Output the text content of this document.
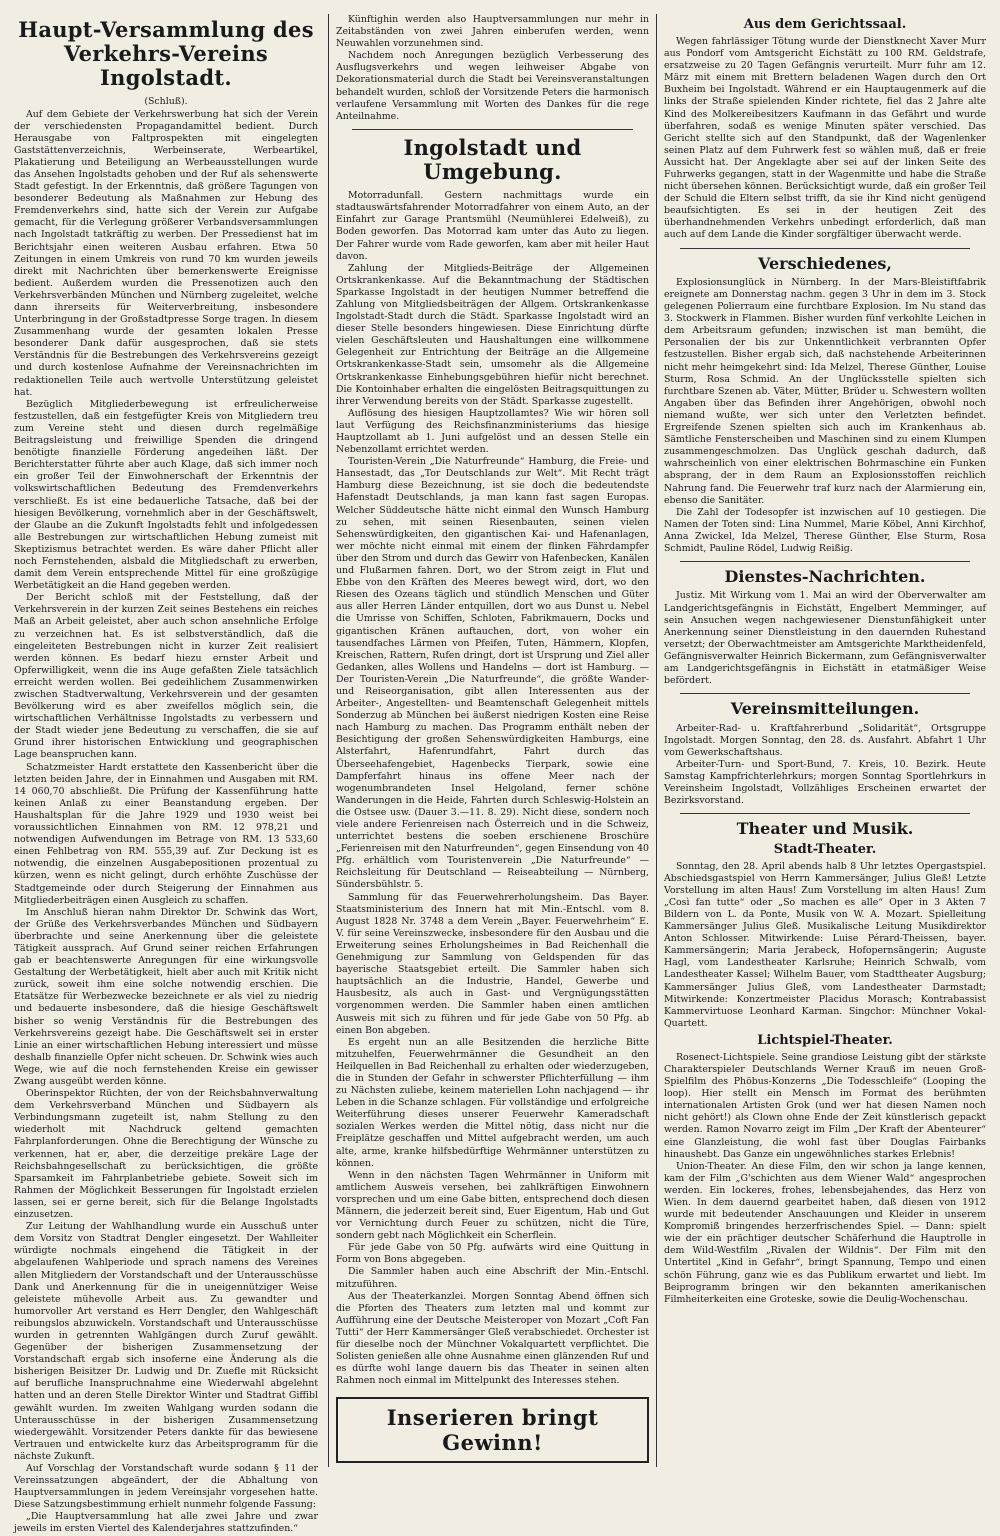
Haupt-Versammlung des Verkehrs-Vereins Ingolstadt.

(Schluß).

Auf dem Gebiete der Verkehrswerbung hat sich der Verein der verschiedensten Propagandamittel bedient. Durch Herausgabe von Faltprospekten mit eingelegten Gaststättenverzeichnis, Werbeinserate, Werbeartikel, Plakatierung und Beteiligung an Werbeausstellungen wurde das Ansehen Ingolstadts gehoben und der Ruf als sehenswerte Stadt gefestigt. In der Erkenntnis, daß größere Tagungen von besonderer Bedeutung als Maßnahmen zur Hebung des Fremdenverkehrs sind, hatte sich der Verein zur Aufgabe gemacht, für die Verlegung größerer Verbandsversammlungen nach Ingolstadt tatkräftig zu werben. Der Pressedienst hat im Berichtsjahr einen weiteren Ausbau erfahren. Etwa 50 Zeitungen in einem Umkreis von rund 70 km wurden jeweils direkt mit Nachrichten über bemerkenswerte Ereignisse bedient. Außerdem wurden die Pressenotizen auch den Verkehrsverbänden München und Nürnberg zugeleitet, welche dann ihrerseits für Weiterverbreitung, insbesondere Unterbringung in der Großstadtpresse Sorge tragen. In diesem Zusammenhang wurde der gesamten lokalen Presse besonderer Dank dafür ausgesprochen, daß sie stets Verständnis für die Bestrebungen des Verkehrsvereins gezeigt und durch kostenlose Aufnahme der Vereinsnachrichten im redaktionellen Teile auch wertvolle Unterstützung geleistet hat.

Bezüglich Mitgliederbewegung ist erfreulicherweise festzustellen, daß ein festgefügter Kreis von Mitgliedern treu zum Vereine steht und diesen durch regelmäßige Beitragsleistung und freiwillige Spenden die dringend benötigte finanzielle Förderung angedeihen läßt. Der Berichterstatter führte aber auch Klage, daß sich immer noch ein großer Teil der Einwohnerschaft der Erkenntnis der volkswirtschaftlichen Bedeutung des Fremdenverkehrs verschließt. Es ist eine bedauerliche Tatsache, daß bei der hiesigen Bevölkerung, vornehmlich aber in der Geschäftswelt, der Glaube an die Zukunft Ingolstadts fehlt und infolgedessen alle Bestrebungen zur wirtschaftlichen Hebung zumeist mit Skeptizismus betrachtet werden. Es wäre daher Pflicht aller noch Fernstehenden, alsbald die Mitgliedschaft zu erwerben, damit dem Verein entsprechende Mittel für eine großzügige Werbetätigkeit an die Hand gegeben werden.

Der Bericht schloß mit der Feststellung, daß der Verkehrsverein in der kurzen Zeit seines Bestehens ein reiches Maß an Arbeit geleistet, aber auch schon ansehnliche Erfolge zu verzeichnen hat. Es ist selbstverständlich, daß die eingeleiteten Bestrebungen nicht in kurzer Zeit realisiert werden können. Es bedarf hiezu ernster Arbeit und Opferwilligkeit, wenn die ins Auge gefaßten Ziele tatsächlich erreicht werden wollen. Bei gedeihlichem Zusammenwirken zwischen Stadtverwaltung, Verkehrsverein und der gesamten Bevölkerung wird es aber zweifellos möglich sein, die wirtschaftlichen Verhältnisse Ingolstadts zu verbessern und der Stadt wieder jene Bedeutung zu verschaffen, die sie auf Grund ihrer historischen Entwicklung und geographischen Lage beanspruchen kann.

Schatzmeister Hardt erstattete den Kassenbericht über die letzten beiden Jahre, der in Einnahmen und Ausgaben mit RM. 14 060,70 abschließt. Die Prüfung der Kassenführung hatte keinen Anlaß zu einer Beanstandung ergeben. Der Haushaltsplan für die Jahre 1929 und 1930 weist bei voraussichtlichen Einnahmen von RM. 12 978,21 und notwendigen Aufwendungen im Betrage von RM. 13 533,60 einen Fehlbetrag von RM. 555,39 auf. Zur Deckung ist es notwendig, die einzelnen Ausgabepositionen prozentual zu kürzen, wenn es nicht gelingt, durch erhöhte Zuschüsse der Stadtgemeinde oder durch Steigerung der Einnahmen aus Mitgliederbeiträgen einen Ausgleich zu schaffen.

Im Anschluß hieran nahm Direktor Dr. Schwink das Wort, der Grüße des Verkehrsverbandes München und Südbayern überbrachte und seine Anerkennung über die geleistete Tätigkeit aussprach. Auf Grund seiner reichen Erfahrungen gab er beachtenswerte Anregungen für eine wirkungsvolle Gestaltung der Werbetätigkeit, hielt aber auch mit Kritik nicht zurück, soweit ihm eine solche notwendig erschien. Die Etatsätze für Werbezwecke bezeichnete er als viel zu niedrig und bedauerte insbesondere, daß die hiesige Geschäftswelt bisher so wenig Verständnis für die Bestrebungen des Verkehrsvereins gezeigt habe. Die Geschäftswelt sei in erster Linie an einer wirtschaftlichen Hebung interessiert und müsse deshalb finanzielle Opfer nicht scheuen. Dr. Schwink wies auch Wege, wie auf die noch fernstehenden Kreise ein gewisser Zwang ausgeübt werden könne.

Oberinspektor Rüchten, der von der Reichsbahnverwaltung dem Verkehrsverband München und Südbayern als Verbindungsmann zugeteilt ist, nahm Stellung zu den wiederholt mit Nachdruck geltend gemachten Fahrplanforderungen. Ohne die Berechtigung der Wünsche zu verkennen, hat er, aber, die derzeitige prekäre Lage der Reichsbahngesellschaft zu berücksichtigen, die größte Sparsamkeit im Fahrplanbetriebe gebiete. Soweit sich im Rahmen der Möglichkeit Besserungen für Ingolstadt erzielen lassen, sei er gerne bereit, sich für die Belange Ingolstadts einzusetzen.

Zur Leitung der Wahlhandlung wurde ein Ausschuß unter dem Vorsitz von Stadtrat Dengler eingesetzt. Der Wahlleiter würdigte nochmals eingehend die Tätigkeit in der abgelaufenen Wahlperiode und sprach namens des Vereines allen Mitgliedern der Vorstandschaft und der Unterausschüsse Dank und Anerkennung für die in uneigennütziger Weise geleistete mühevolle Arbeit aus. Zu gewandter und humorvoller Art verstand es Herr Dengler, den Wahlgeschäft reibungslos abzuwickeln. Vorstandschaft und Unterausschüsse wurden in getrennten Wahlgängen durch Zuruf gewählt. Gegenüber der bisherigen Zusammensetzung der Vorstandschaft ergab sich insoferne eine Änderung als die bisherigen Beisitzer Dr. Ludwig und Dr. Zuefle mit Rücksicht auf berufliche Inanspruchnahme eine Wiederwahl abgelehnt hatten und an deren Stelle Direktor Winter und Stadtrat Giffibl gewählt wurden. Im zweiten Wahlgang wurden sodann die Unterausschüsse in der bisherigen Zusammensetzung wiedergewählt. Vorsitzender Peters dankte für das bewiesene Vertrauen und entwickelte kurz das Arbeitsprogramm für die nächste Zukunft.

Auf Vorschlag der Vorstandschaft wurde sodann § 11 der Vereinssatzungen abgeändert, der die Abhaltung von Hauptversammlungen in jedem Vereinsjahr vorgesehen hatte. Diese Satzungsbestimmung erhielt nunmehr folgende Fassung:

„Die Hauptversammlung hat alle zwei Jahre und zwar jeweils im ersten Viertel des Kalenderjahres stattzufinden.“

Künftighin werden also Hauptversammlungen nur mehr in Zeitabständen von zwei Jahren einberufen werden, wenn Neuwahlen vorzunehmen sind.

Nachdem noch Anregungen bezüglich Verbesserung des Ausflugsverkehrs und wegen leihweiser Abgabe von Dekorationsmaterial durch die Stadt bei Vereinsveranstaltungen behandelt wurden, schloß der Vorsitzende Peters die harmonisch verlaufene Versammlung mit Worten des Dankes für die rege Anteilnahme.

Ingolstadt und Umgebung.

Motorradunfall. Gestern nachmittags wurde ein stadtauswärtsfahrender Motorradfahrer von einem Auto, an der Einfahrt zur Garage Prantsmühl (Neumühlerei Edelweiß), zu Boden geworfen. Das Motorrad kam unter das Auto zu liegen. Der Fahrer wurde vom Rade geworfen, kam aber mit heiler Haut davon.

Zahlung der Mitglieds-Beiträge der Allgemeinen Ortskrankenkasse. Auf die Bekanntmachung der Städtischen Sparkasse Ingolstadt in der heutigen Nummer betreffend die Zahlung von Mitgliedsbeiträgen der Allgem. Ortskrankenkasse Ingolstadt-Stadt durch die Städt. Sparkasse Ingolstadt wird an dieser Stelle besonders hingewiesen. Diese Einrichtung dürfte vielen Geschäftsleuten und Haushaltungen eine willkommene Gelegenheit zur Entrichtung der Beiträge an die Allgemeine Ortskrankenkasse-Stadt sein, umsomehr als die Allgemeine Ortskrankenkasse Einhebungsgebühren hiefür nicht berechnet. Die Kontoinhaber erhalten die eingelösten Beitragsquittungen zu ihrer Verwendung bereits von der Städt. Sparkasse zugestellt.

Auflösung des hiesigen Hauptzollamtes? Wie wir hören soll laut Verfügung des Reichsfinanzministeriums das hiesige Hauptzollamt ab 1. Juni aufgelöst und an dessen Stelle ein Nebenzollamt errichtet werden.

Touristen-Verein „Die Naturfreunde“ Hamburg, die Freie- und Hansestadt, das „Tor Deutschlands zur Welt“. Mit Recht trägt Hamburg diese Bezeichnung, ist sie doch die bedeutendste Hafenstadt Deutschlands, ja man kann fast sagen Europas. Welcher Süddeutsche hätte nicht einmal den Wunsch Hamburg zu sehen, mit seinen Riesenbauten, seinen vielen Sehenswürdigkeiten, den gigantischen Kai- und Hafenanlagen, wer möchte nicht einmal mit einem der flinken Fährdampfer über den Strom und durch das Gewirr von Hafenbecken, Kanälen und Flußarmen fahren. Dort, wo der Strom zeigt in Flut und Ebbe von den Kräften des Meeres bewegt wird, dort, wo den Riesen des Ozeans täglich und stündlich Menschen und Güter aus aller Herren Länder entquillen, dort wo aus Dunst u. Nebel die Umrisse von Schiffen, Schloten, Fabrikmauern, Docks und gigantischen Kränen auftauchen, dort, von woher ein tausendfaches Lärmen von Pfeifen, Tuten, Hämmern, Klopfen, Kreischen, Rattern, Rufen dringt, dort ist Ursprung und Ziel aller Gedanken, alles Wollens und Handelns — dort ist Hamburg. — Der Touristen-Verein „Die Naturfreunde“, die größte Wander- und Reiseorganisation, gibt allen Interessenten aus der Arbeiter-, Angestellten- und Beamtenschaft Gelegenheit mittels Sonderzug ab München bei äußerst niedrigen Kosten eine Reise nach Hamburg zu machen. Das Programm enthält neben der Besichtigung der großen Sehenswürdigkeiten Hamburgs, eine Alsterfahrt, Hafenrundfahrt, Fahrt durch das Überseehafengebiet, Hagenbecks Tierpark, sowie eine Dampferfahrt hinaus ins offene Meer nach der wogenumbrandeten Insel Helgoland, ferner schöne Wanderungen in die Heide, Fahrten durch Schleswig-Holstein an die Ostsee usw. (Dauer 3.—11. 8. 29). Nicht diese, sondern noch viele andere Ferienreisen nach Österreich und in die Schweiz, unterrichtet bestens die soeben erschienene Broschüre „Ferienreisen mit den Naturfreunden“, gegen Einsendung von 40 Pfg. erhältlich vom Touristenverein „Die Naturfreunde“ — Reichsleitung für Deutschland — Reiseabteilung — Nürnberg, Sündersbühlstr. 5.

Sammlung für das Feuerwehrerholungsheim. Das Bayer. Staatsministerium des Innern hat mit Min.-Entschl. vom 8. August 1828 Nr. 3748 a dem Verein „Bayer. Feuerwehrheim“ E. V. für seine Vereinszwecke, insbesondere für den Ausbau und die Erweiterung seines Erholungsheimes in Bad Reichenhall die Genehmigung zur Sammlung von Geldspenden für das bayerische Staatsgebiet erteilt. Die Sammler haben sich hauptsächlich an die Industrie, Handel, Gewerbe und Hausbesitz, als auch in Gast- und Vergnügungsstätten vorgenommen werden. Die Sammler haben einen amtlichen Ausweis mit sich zu führen und für jede Gabe von 50 Pfg. ab einen Bon abgeben.

Es ergeht nun an alle Besitzenden die herzliche Bitte mitzuhelfen, Feuerwehrmänner die Gesundheit an den Heilquellen in Bad Reichenhall zu erhalten oder wiederzugeben, die in Stunden der Gefahr in schwerster Pflichterfüllung — ihm zu Nächsten zuliebe, keinem materiellen Lohn nachjagend — ihr Leben in die Schanze schlagen. Für vollständige und erfolgreiche Weiterführung dieses unserer Feuerwehr Kameradschaft sozialen Werkes werden die Mittel nötig, dass nicht nur die Freiplätze geschaffen und Mittel aufgebracht werden, um auch alte, arme, kranke hilfsbedürftige Wehrmänner unterstützen zu können.

Wenn in den nächsten Tagen Wehrmänner in Uniform mit amtlichem Ausweis versehen, bei zahlkräftigen Einwohnern vorsprechen und um eine Gabe bitten, entsprechend doch diesen Männern, die jederzeit bereit sind, Euer Eigentum, Hab und Gut vor Vernichtung durch Feuer zu schützen, nicht die Türe, sondern gebt nach Möglichkeit ein Scherflein.

Für jede Gabe von 50 Pfg. aufwärts wird eine Quittung in Form von Bons abgegeben.

Die Sammler haben auch eine Abschrift der Min.-Entschl. mitzuführen.

Aus der Theaterkanzlei. Morgen Sonntag Abend öffnen sich die Pforten des Theaters zum letzten mal und kommt zur Aufführung eine der Deutsche Meisteroper von Mozart „Coft Fan Tutti“ der Herr Kammersänger Gleß verabschiedet. Orchester ist für dieselbe noch der Münchner Vokalquartett verpflichtet. Die Solisten genießen alle ohne Ausnahme einen glänzenden Ruf und es dürfte wohl lange dauern bis das Theater in seinen alten Rahmen noch einmal im Mittelpunkt des Interesses stehen.

Inserieren bringt Gewinn!
Aus dem Gerichtssaal.

Wegen fahrlässiger Tötung wurde der Dienstknecht Xaver Murr aus Pondorf vom Amtsgericht Eichstätt zu 100 RM. Geldstrafe, ersatzweise zu 20 Tagen Gefängnis verurteilt. Murr fuhr am 12. März mit einem mit Brettern beladenen Wagen durch den Ort Buxheim bei Ingolstadt. Während er ein Hauptaugenmerk auf die links der Straße spielenden Kinder richtete, fiel das 2 Jahre alte Kind des Molkereibesitzers Kaufmann in das Gefährt und wurde überfahren, sodaß es wenige Minuten später verschied. Das Gericht stellte sich auf den Standpunkt, daß der Wagenlenker seinen Platz auf dem Fuhrwerk fest so wählen muß, daß er freie Aussicht hat. Der Angeklagte aber sei auf der linken Seite des Fuhrwerks gegangen, statt in der Wagenmitte und habe die Straße nicht übersehen können. Berücksichtigt wurde, daß ein großer Teil der Schuld die Eltern selbst trifft, da sie ihr Kind nicht genügend beaufsichtigten. Es sei in der heutigen Zeit des überhandnehmenden Verkehrs unbedingt erforderlich, daß man auch auf dem Lande die Kinder sorgfältiger überwacht werde.

Verschiedenes,

Explosionsunglück in Nürnberg. In der Mars-Bleistiftfabrik ereignete am Donnerstag nachm. gegen 3 Uhr in dem im 3. Stock gelegenen Polierraum eine furchtbare Explosion. Im Nu stand das 3. Stockwerk in Flammen. Bisher wurden fünf verkohlte Leichen in dem Arbeitsraum gefunden; inzwischen ist man bemüht, die Personalien der bis zur Unkenntlichkeit verbrannten Opfer festzustellen. Bisher ergab sich, daß nachstehende Arbeiterinnen nicht mehr heimgekehrt sind: Ida Melzel, Therese Günther, Louise Sturm, Rosa Schmid. An der Unglücksstelle spielten sich furchtbare Szenen ab. Väter, Mütter, Brüder u. Schwestern wollten Angaben über das Befinden ihrer Angehörigen, obwohl noch niemand wußte, wer sich unter den Verletzten befindet. Ergreifende Szenen spielten sich auch im Krankenhaus ab. Sämtliche Fensterscheiben und Maschinen sind zu einem Klumpen zusammengeschmolzen. Das Unglück geschah dadurch, daß wahrscheinlich von einer elektrischen Bohrmaschine ein Funken absprang, der in dem Raum an Explosionsstoffen reichlich Nahrung fand. Die Feuerwehr traf kurz nach der Alarmierung ein, ebenso die Sanitäter.

Die Zahl der Todesopfer ist inzwischen auf 10 gestiegen. Die Namen der Toten sind: Lina Nummel, Marie Köbel, Anni Kirchhof, Anna Zwickel, Ida Melzel, Therese Günther, Else Sturm, Rosa Schmidt, Pauline Rödel, Ludwig Reißig.

Dienstes-Nachrichten.

Justiz. Mit Wirkung vom 1. Mai an wird der Oberverwalter am Landgerichtsgefängnis in Eichstätt, Engelbert Memminger, auf sein Ansuchen wegen nachgewiesener Dienstunfähigkeit unter Anerkennung seiner Dienstleistung in den dauernden Ruhestand versetzt; der Oberwachtmeister am Amtsgerichte Marktheidenfeld, Gefängnisverwalter Heinrich Bickermann, zum Gefängnisverwalter am Landgerichtsgefängnis in Eichstätt in etatmäßiger Weise befördert.

Vereinsmitteilungen.

Arbeiter-Rad- u. Kraftfahrerbund „Solidarität“, Ortsgruppe Ingolstadt. Morgen Sonntag, den 28. ds. Ausfahrt. Abfahrt 1 Uhr vom Gewerkschaftshaus.

Arbeiter-Turn- und Sport-Bund, 7. Kreis, 10. Bezirk. Heute Samstag Kampfrichterlehrkurs; morgen Sonntag Sportlehrkurs in Vereinsheim Ingolstadt, Vollzähliges Erscheinen erwartet der Bezirksvorstand.

Theater und Musik.
Stadt-Theater.

Sonntag, den 28. April abends halb 8 Uhr letztes Opergastspiel. Abschiedsgastspiel von Herrn Kammersänger, Julius Gleß! Letzte Vorstellung im alten Haus! Zum Vorstellung im alten Haus! Zum „Così fan tutte“ oder „So machen es alle“ Oper in 3 Akten 7 Bildern von L. da Ponte, Musik von W. A. Mozart. Spielleitung Kammersänger Julius Gleß. Musikalische Leitung Musikdirektor Anton Schlosser. Mitwirkende: Luise Pérard-Theissen, bayer. Kammersängerin; Maria Jerabeck, Hofopernsängerin; Auguste Hagl, vom Landestheater Karlsruhe; Heinrich Schwalb, vom Landestheater Kassel; Wilhelm Bauer, vom Stadttheater Augsburg; Kammersänger Julius Gleß, vom Landestheater Darmstadt; Mitwirkende: Konzertmeister Placidus Morasch; Kontrabassist Kammervirtuose Leonhard Karman. Singchor: Münchner Vokal-Quartett.

Lichtspiel-Theater.

Rosenect-Lichtspiele. Seine grandiose Leistung gibt der stärkste Charakterspieler Deutschlands Werner Krauß im neuen Groß-Spielfilm des Phöbus-Konzerns „Die Todesschleife“ (Looping the loop). Hier stellt ein Mensch im Format des berühmten internationalen Artisten Grok (und wer hat diesen Namen noch nicht gehört!) als Clown ohne Ende der Zeit künstlerisch gepackt werden. Ramon Novarro zeigt im Film „Der Kraft der Abenteurer“ eine Glanzleistung, die wohl fast über Douglas Fairbanks hinaushebt. Das Ganze ein ungewöhnliches starkes Erlebnis!

Union-Theater. An diese Film, den wir schon ja lange kennen, kam der Film „G'schichten aus dem Wiener Wald“ angesprochen werden. Ein lockeres, frohes, lebensbejahendes, das Herz von Wien. In dem dauernd gearbeitet haben, daß diesen von 1912 wurde mit bedeutender Anschauungen und Kleider in unserem Kompromiß bringendes herzerfrischendes Spiel. — Dann: spielt wie der ein prächtiger deutscher Schäferhund die Hauptrolle in dem Wild-Westfilm „Rivalen der Wildnis“. Der Film mit den Untertitel „Kind in Gefahr“, bringt Spannung, Tempo und einen schön Führung, ganz wie es das Publikum erwartet und liebt. Im Beiprogramm bringen wir den bekannten amerikanischen Filmheiterkeiten eine Groteske, sowie die Deulig-Wochenschau.
